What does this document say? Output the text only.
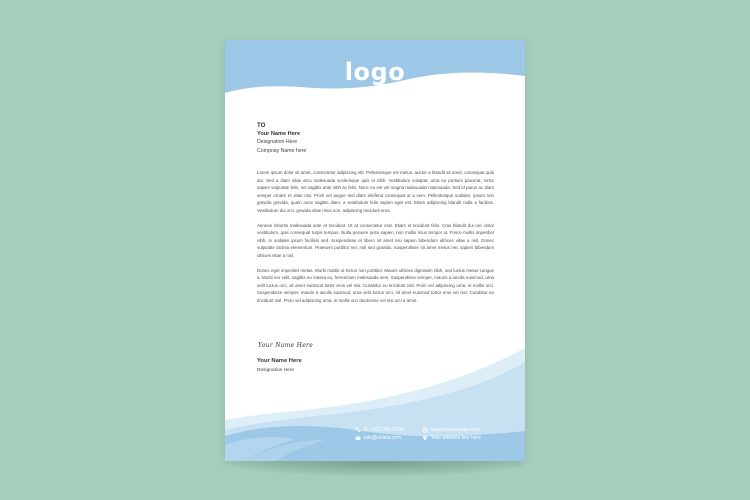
logo
TO
Your Name Here
Designation Here
Compnay Name here

Lorem ipsum dolor sit amet, consectetur adipiscing elit. Pellentesque est metus, auctor a blandit sit amet, consequat quis dui. Sed a diam vitae arcu malesuada scelerisque quis et nibh. Vestibulum volutpat, urna eu pretium placerat, tortor sapien vulputate felis, vel sagittis ante nibh ac felis. Nunc eu est vel magna malesuada malesuada. Sed id purus ac diam semper ornare et vitae nisi. Proin vel augue sed diam eleifend consequat ut a sem. Pellentesque sodales, ipsum non gravida gravida, quam nunc sagittis diam, a vestibulum felis sapien eget est. Etiam adipiscing blandit nulla a facilisis. Vestibulum dui orci, gravida vitae risus non, adipiscing tincidunt eros.

Aenean lobortis malesuada ante et tincidunt. Ut at consectetur erat. Etiam et tincidunt felis. Cras blandit dui nec dolor vestibulum, quis consequat turpis tempus. Nulla posuere justo sapien, non mollis risus tempor ut. Fusce mollis imperdiet nibh, in sodales ipsum facilisis sed. Suspendisse et libero sit amet nisi sapien bibendum ultrices vitae a nisl. Donec vulputate lacinia elementum. Praesent porttitor nec nisl sed gravida. Suspendisse sit amet metus nec sapien bibendum ultrices vitae a nisl.

Donec eget imperdiet metus. Morbi mattis ut lectus non porttitor. Mauris ultrices dignissim nibh, sed luctus metus congue a. Morbi leo velit, sagittis eu massa eu, fermentum malesuada sem. Suspendisse semper, mauris a iaculis euismod, urna velit luctus orci, sit amet euismod tortor eros vel nisi. Curabitur eu tincidunt nisl. Proin vel adipiscing urna, in mollis orci. Suspendisse semper, mauris a iaculis euismod, urna velit luctus orci, sit amet euismod tortor eros vel nisi. Curabitur eu tincidunt nisl. Proin vel adipiscing urna, in mollis orci deolorene vel nisi orci a amet.

Your Name Here
Your Name Here
Designation Here
P: +012 345 6789
info@urlsite.com
www.yourdomain.com
Your address line here
